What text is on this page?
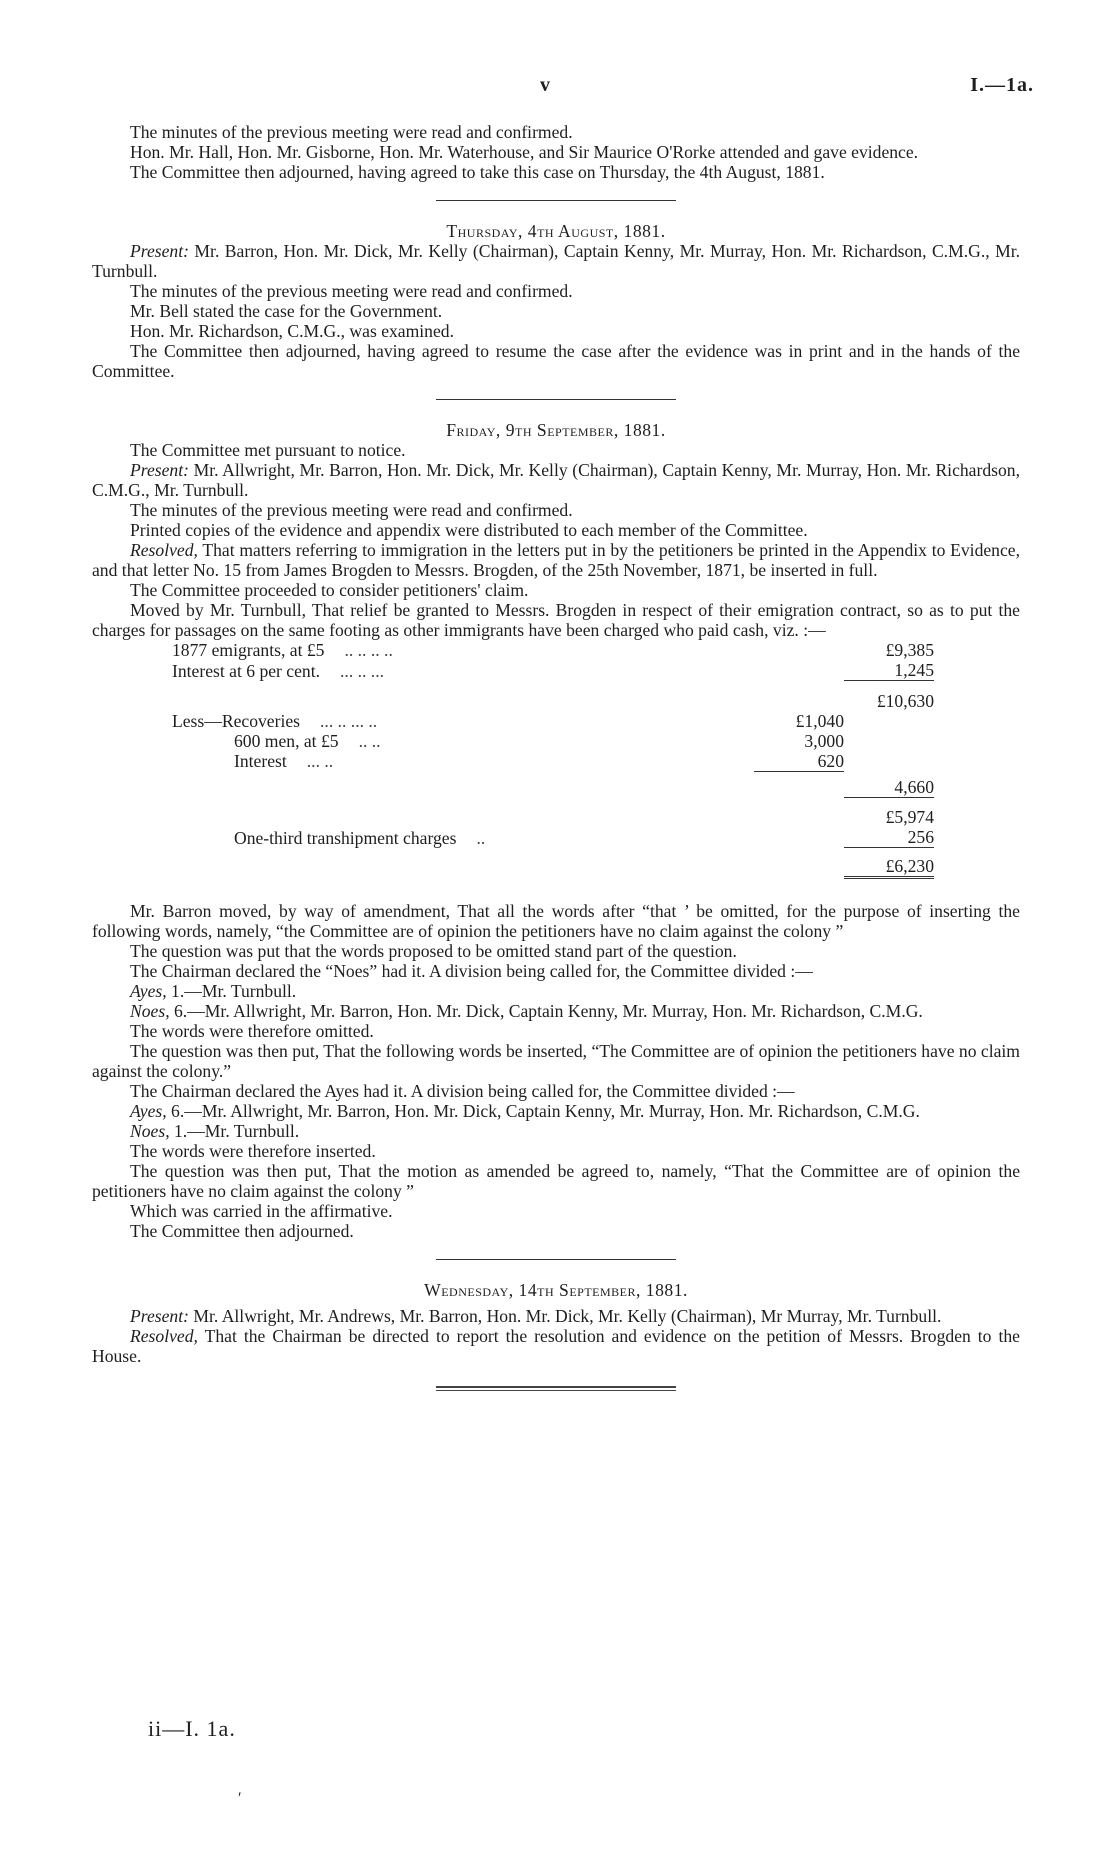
v	I.—1a.

The minutes of the previous meeting were read and confirmed.

Hon. Mr. Hall, Hon. Mr. Gisborne, Hon. Mr. Waterhouse, and Sir Maurice O'Rorke attended and gave evidence.

The Committee then adjourned, having agreed to take this case on Thursday, the 4th August, 1881.

Thursday, 4th August, 1881.

Present: Mr. Barron, Hon. Mr. Dick, Mr. Kelly (Chairman), Captain Kenny, Mr. Murray, Hon. Mr. Richardson, C.M.G., Mr. Turnbull.

The minutes of the previous meeting were read and confirmed.

Mr. Bell stated the case for the Government.

Hon. Mr. Richardson, C.M.G., was examined.

The Committee then adjourned, having agreed to resume the case after the evidence was in print and in the hands of the Committee.

Friday, 9th September, 1881.

The Committee met pursuant to notice.

Present: Mr. Allwright, Mr. Barron, Hon. Mr. Dick, Mr. Kelly (Chairman), Captain Kenny, Mr. Murray, Hon. Mr. Richardson, C.M.G., Mr. Turnbull.

The minutes of the previous meeting were read and confirmed.

Printed copies of the evidence and appendix were distributed to each member of the Committee.

Resolved, That matters referring to immigration in the letters put in by the petitioners be printed in the Appendix to Evidence, and that letter No. 15 from James Brogden to Messrs. Brogden, of the 25th November, 1871, be inserted in full.

The Committee proceeded to consider petitioners' claim.

Moved by Mr. Turnbull, That relief be granted to Messrs. Brogden in respect of their emigration contract, so as to put the charges for passages on the same footing as other immigrants have been charged who paid cash, viz. :—

1877 emigrants, at £5 .. .. .. ..		£9,385
Interest at 6 per cent. ... .. ...		1,245
		£10,630
Less—Recoveries ... .. ... ..	£1,040	
600 men, at £5 .. ..	3,000	
Interest ... ..	620	
		4,660
		£5,974
One-third transhipment charges ..		256
		£6,230

Mr. Barron moved, by way of amendment, That all the words after “that ’ be omitted, for the purpose of inserting the following words, namely, “the Committee are of opinion the petitioners have no claim against the colony ”

The question was put that the words proposed to be omitted stand part of the question.

The Chairman declared the “Noes” had it. A division being called for, the Committee divided :—

Ayes, 1.—Mr. Turnbull.

Noes, 6.—Mr. Allwright, Mr. Barron, Hon. Mr. Dick, Captain Kenny, Mr. Murray, Hon. Mr. Richardson, C.M.G.

The words were therefore omitted.

The question was then put, That the following words be inserted, “The Committee are of opinion the petitioners have no claim against the colony.”

The Chairman declared the Ayes had it. A division being called for, the Committee divided :—

Ayes, 6.—Mr. Allwright, Mr. Barron, Hon. Mr. Dick, Captain Kenny, Mr. Murray, Hon. Mr. Richardson, C.M.G.

Noes, 1.—Mr. Turnbull.

The words were therefore inserted.

The question was then put, That the motion as amended be agreed to, namely, “That the Committee are of opinion the petitioners have no claim against the colony ”

Which was carried in the affirmative.

The Committee then adjourned.

Wednesday, 14th September, 1881.

Present: Mr. Allwright, Mr. Andrews, Mr. Barron, Hon. Mr. Dick, Mr. Kelly (Chairman), Mr Murray, Mr. Turnbull.

Resolved, That the Chairman be directed to report the resolution and evidence on the petition of Messrs. Brogden to the House.

ii—I. 1a.
′
